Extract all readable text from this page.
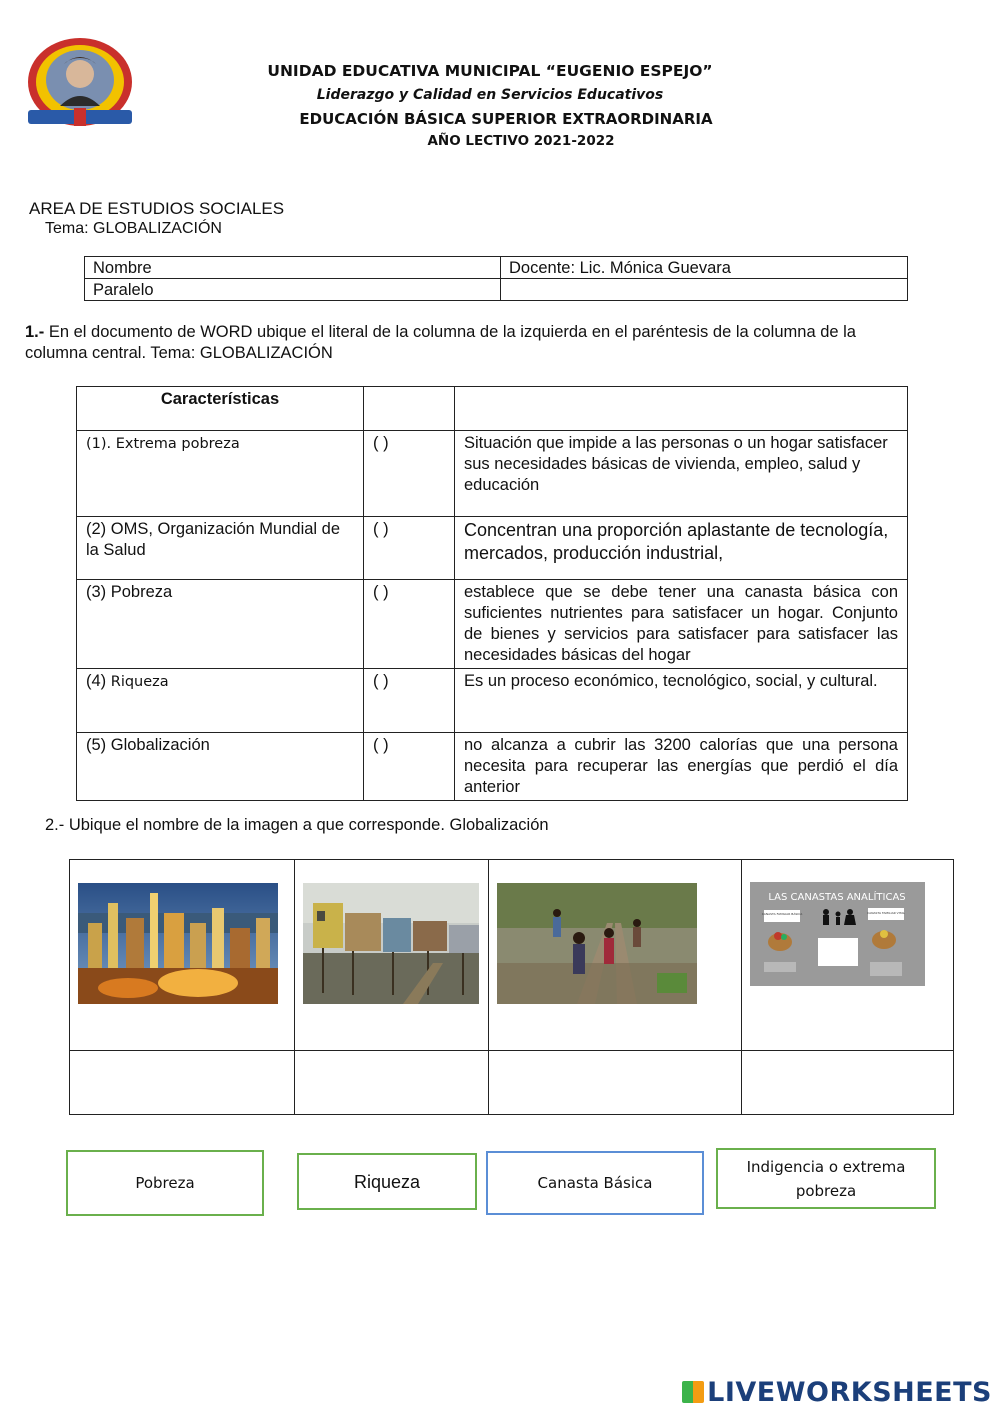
UNIDAD EDUCATIVA MUNICIPAL “EUGENIO ESPEJO”
Liderazgo y Calidad en Servicios Educativos
EDUCACIÓN BÁSICA SUPERIOR EXTRAORDINARIA
AÑO LECTIVO 2021-2022
AREA DE ESTUDIOS SOCIALES
Tema: GLOBALIZACIÓN
Nombre	Docente: Lic. Mónica Guevara
Paralelo	
1.- En el documento de WORD ubique el literal de la columna de la izquierda en el paréntesis de la columna de la columna central. Tema: GLOBALIZACIÓN
Características		
(1). Extrema pobreza	( )	Situación que impide a las personas o un hogar satisfacer sus necesidades básicas de vivienda, empleo, salud y educación
(2) OMS, Organización Mundial de la Salud	( )	Concentran una proporción aplastante de tecnología, mercados, producción industrial,
(3) Pobreza	( )	establece que se debe tener una canasta básica con suficientes nutrientes para satisfacer un hogar. Conjunto de bienes y servicios para satisfacer para satisfacer las necesidades básicas del hogar
(4) Riqueza	( )	Es un proceso económico, tecnológico, social, y cultural.
(5) Globalización	( )	no alcanza a cubrir las 3200 calorías que una persona necesita para recuperar las energías que perdió el día anterior
2.- Ubique el nombre de la imagen a que corresponde. Globalización

LAS CANASTAS ANALÍTICAS
CANASTA FAMILIAR BÁSICA	CANASTA FAMILIAR VITAL
Pobreza	Riqueza	Canasta Básica
Indigencia o extrema pobreza
LIVEWORKSHEETS
